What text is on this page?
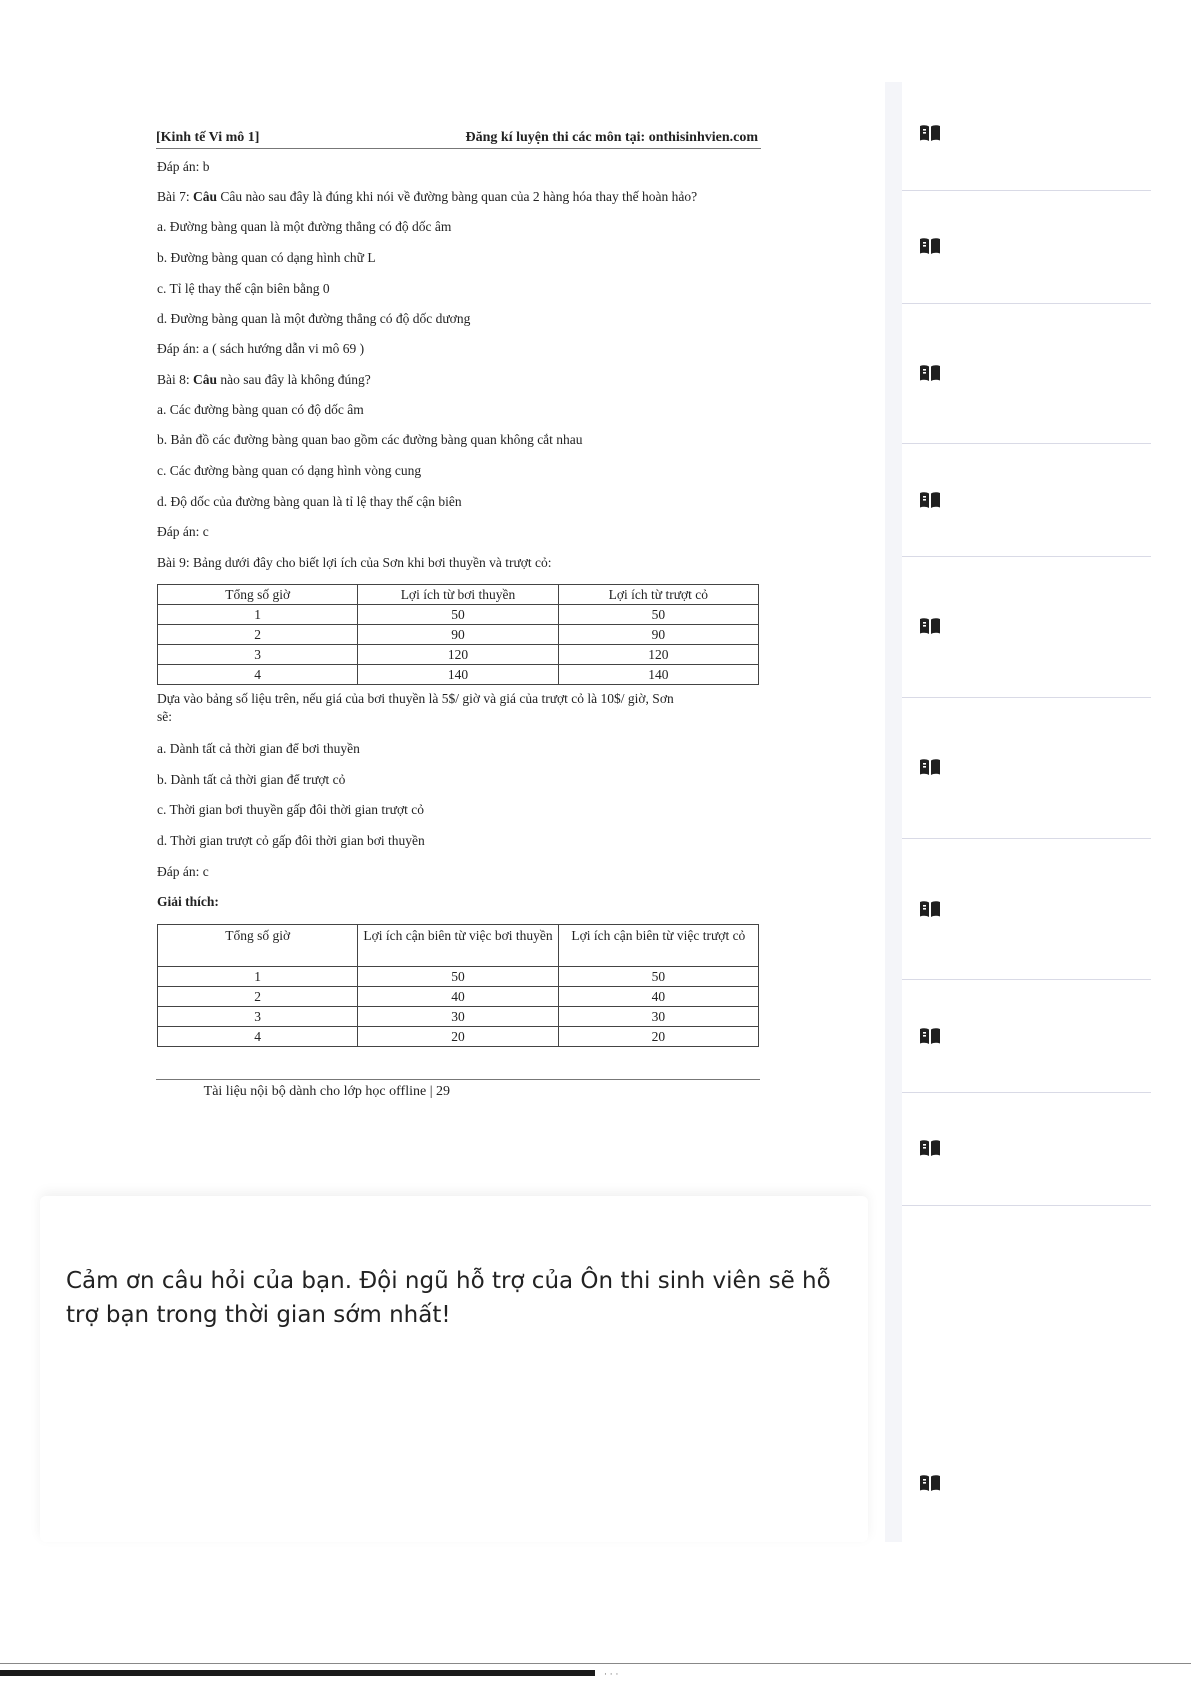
[Kinh tế Vi mô 1]	Đăng kí luyện thi các môn tại: onthisinhvien.com
Đáp án: b
Bài 7: Câu Câu nào sau đây là đúng khi nói về đường bàng quan của 2 hàng hóa thay thế hoàn hảo?
a. Đường bàng quan là một đường thẳng có độ dốc âm
b. Đường bàng quan có dạng hình chữ L
c. Tỉ lệ thay thế cận biên bằng 0
d. Đường bàng quan là một đường thẳng có độ dốc dương
Đáp án: a ( sách hướng dẫn vi mô 69 )
Bài 8: Câu nào sau đây là không đúng?
a. Các đường bàng quan có độ dốc âm
b. Bản đồ các đường bàng quan bao gồm các đường bàng quan không cắt nhau
c. Các đường bàng quan có dạng hình vòng cung
d. Độ dốc của đường bàng quan là tỉ lệ thay thế cận biên
Đáp án: c
Bài 9: Bảng dưới đây cho biết lợi ích của Sơn khi bơi thuyền và trượt cỏ:
Tổng số giờ	Lợi ích từ bơi thuyền	Lợi ích từ trượt cỏ
1	50	50
2	90	90
3	120	120
4	140	140
Dựa vào bảng số liệu trên, nếu giá của bơi thuyền là 5$/ giờ và giá của trượt cỏ là 10$/ giờ, Sơn
sẽ:
a. Dành tất cả thời gian để bơi thuyền
b. Dành tất cả thời gian để trượt cỏ
c. Thời gian bơi thuyền gấp đôi thời gian trượt cỏ
d. Thời gian trượt cỏ gấp đôi thời gian bơi thuyền
Đáp án: c
Giải thích:
Tổng số giờ	Lợi ích cận biên từ việc bơi thuyền	Lợi ích cận biên từ việc trượt cỏ
1	50	50
2	40	40
3	30	30
4	20	20
Tài liệu nội bộ dành cho lớp học offline | 29
Cảm ơn câu hỏi của bạn. Đội ngũ hỗ trợ của Ôn thi sinh viên sẽ hỗ trợ bạn trong thời gian sớm nhất!
· · ·
